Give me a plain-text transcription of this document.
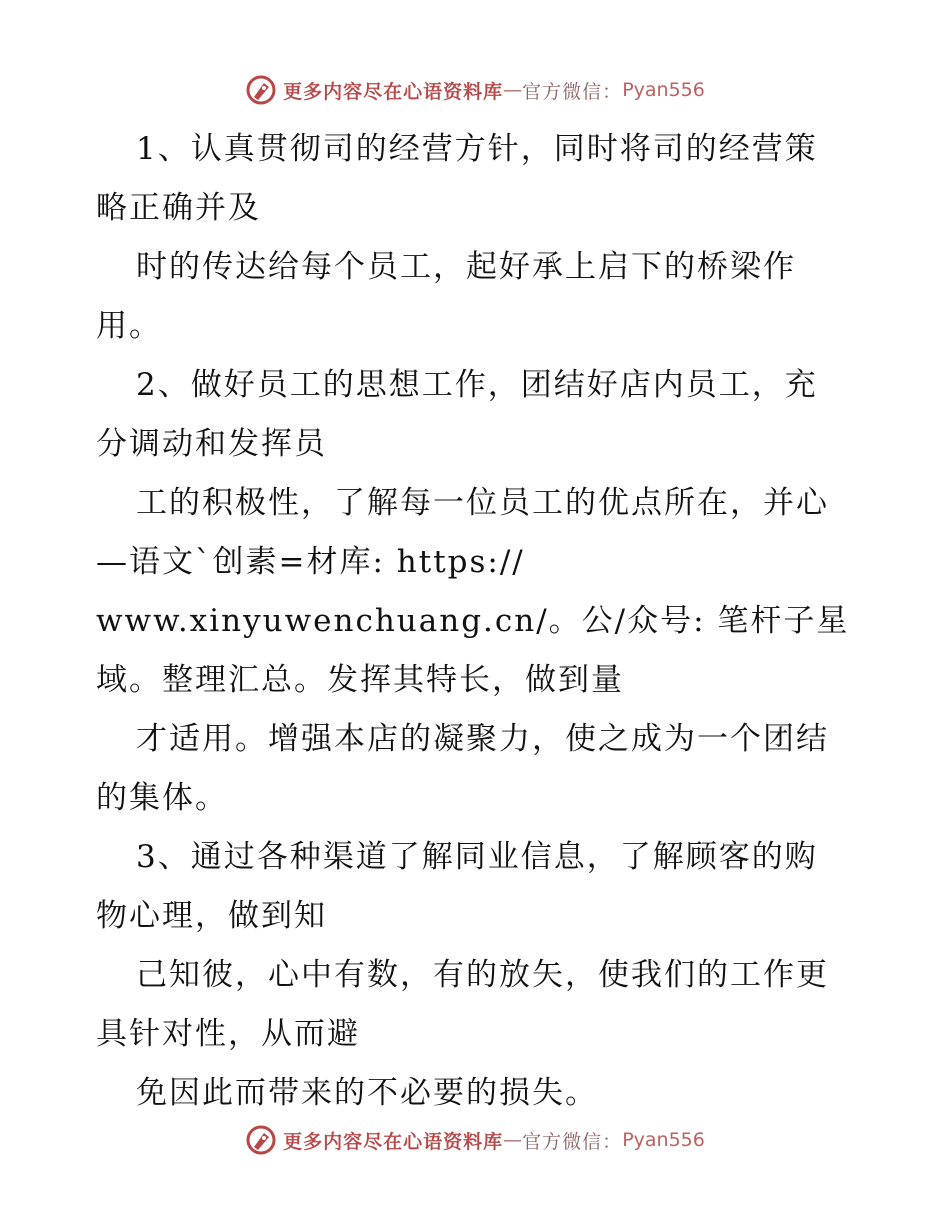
更多内容尽在心语资料库 — 官方微信： Pyan556
1、认真贯彻司的经营方针，同时将司的经营策
略正确并及
时的传达给每个员工，起好承上启下的桥梁作
用。
2、做好员工的思想工作，团结好店内员工，充
分调动和发挥员
工的积极性，了解每一位员工的优点所在，并心
—语文`创素=材库: https://
www.xinyuwenchuang.cn/。公/众号: 笔杆子星
域。整理汇总。发挥其特长，做到量
才适用。增强本店的凝聚力，使之成为一个团结
的集体。
3、通过各种渠道了解同业信息，了解顾客的购
物心理，做到知
己知彼，心中有数，有的放矢，使我们的工作更
具针对性，从而避
免因此而带来的不必要的损失。
更多内容尽在心语资料库 — 官方微信： Pyan556
